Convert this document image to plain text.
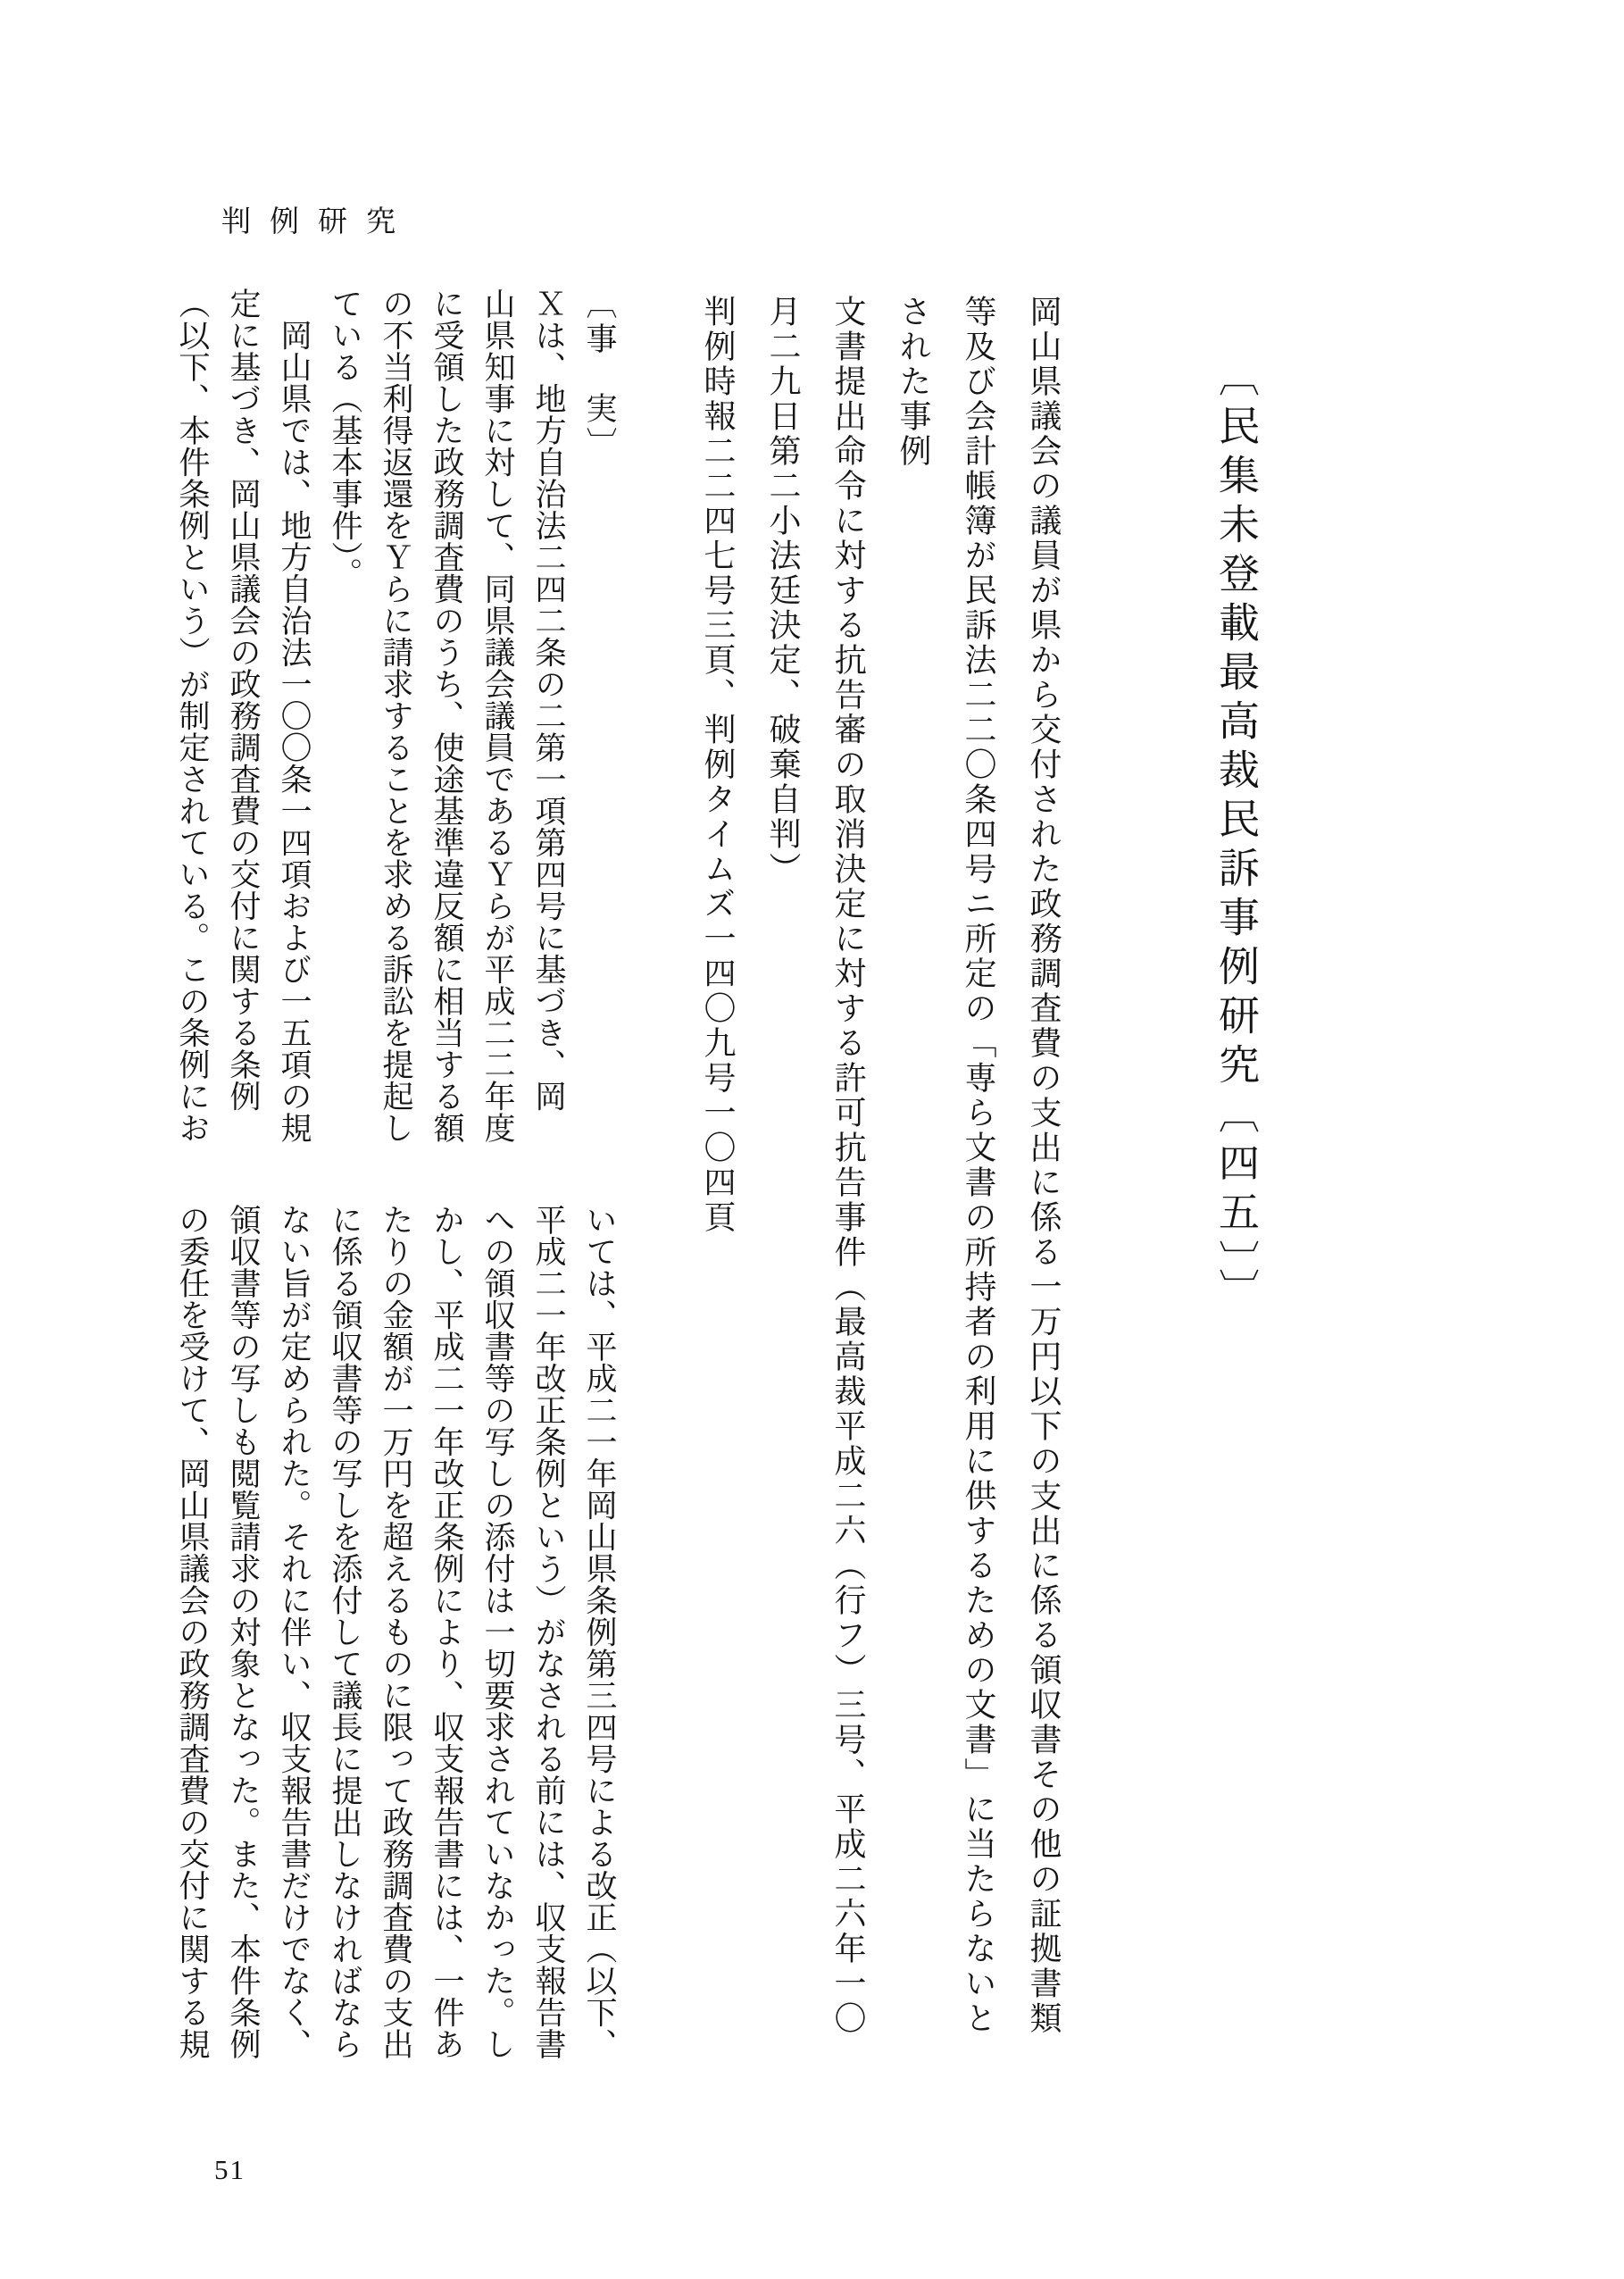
判例研究
〔民集未登載最高裁民訴事例研究〔四五〕〕

岡山県議会の議員が県から交付された政務調査費の支出に係る一万円以下の支出に係る領収書その他の証拠書類

等及び会計帳簿が民訴法二二〇条四号ニ所定の「専ら文書の所持者の利用に供するための文書」に当たらないと

された事例

文書提出命令に対する抗告審の取消決定に対する許可抗告事件（最高裁平成二六（行フ）三号、平成二六年一〇

月二九日第二小法廷決定、破棄自判）

判例時報二二四七号三頁、判例タイムズ一四〇九号一〇四頁

〔事　実〕

Ｘは、地方自治法二四二条の二第一項第四号に基づき、岡

山県知事に対して、同県議会議員であるＹらが平成二二年度

に受領した政務調査費のうち、使途基準違反額に相当する額

の不当利得返還をＹらに請求することを求める訴訟を提起し

ている（基本事件）。

　岡山県では、地方自治法一〇〇条一四項および一五項の規

定に基づき、岡山県議会の政務調査費の交付に関する条例

（以下、本件条例という）が制定されている。この条例にお

いては、平成二一年岡山県条例第三四号による改正（以下、

平成二一年改正条例という）がなされる前には、収支報告書

への領収書等の写しの添付は一切要求されていなかった。し

かし、平成二一年改正条例により、収支報告書には、一件あ

たりの金額が一万円を超えるものに限って政務調査費の支出

に係る領収書等の写しを添付して議長に提出しなければなら

ない旨が定められた。それに伴い、収支報告書だけでなく、

領収書等の写しも閲覧請求の対象となった。また、本件条例

の委任を受けて、岡山県議会の政務調査費の交付に関する規

51
